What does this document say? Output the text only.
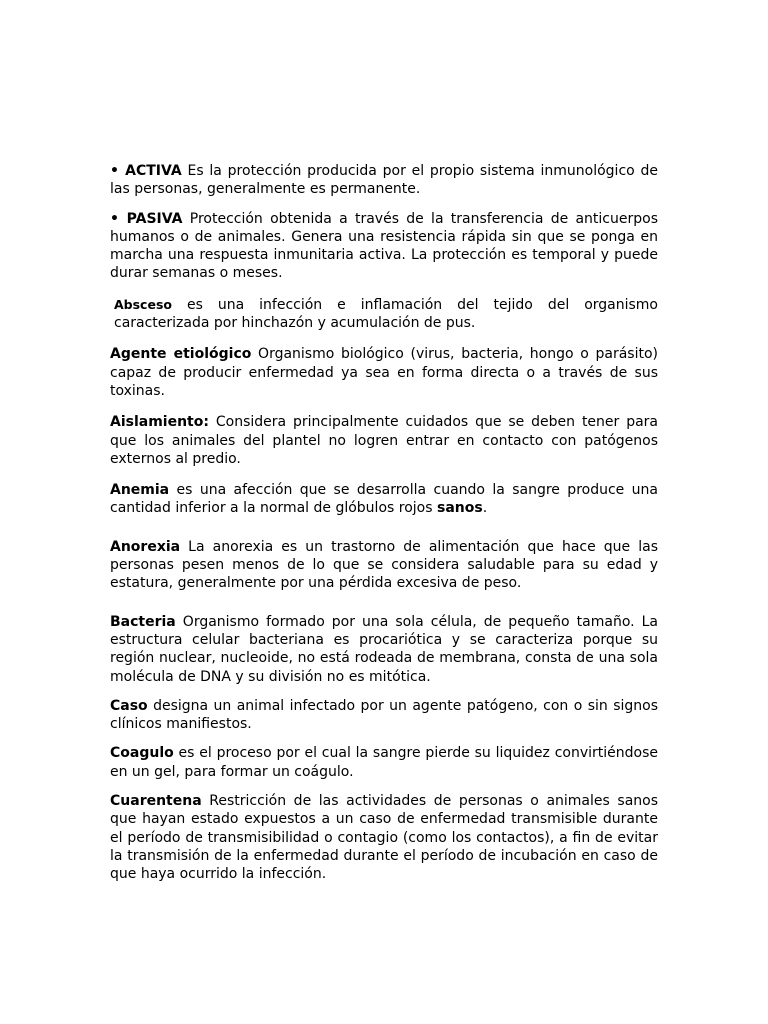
• ACTIVA Es la protección producida por el propio sistema inmunológico de las personas, generalmente es permanente.

• PASIVA Protección obtenida a través de la transferencia de anticuerpos humanos o de animales. Genera una resistencia rápida sin que se ponga en marcha una respuesta inmunitaria activa. La protección es temporal y puede durar semanas o meses.

Absceso es una infección e inflamación del tejido del organismo caracterizada por hinchazón y acumulación de pus.

Agente etiológico Organismo biológico (virus, bacteria, hongo o parásito) capaz de producir enfermedad ya sea en forma directa o a través de sus toxinas.

Aislamiento: Considera principalmente cuidados que se deben tener para que los animales del plantel no logren entrar en contacto con patógenos externos al predio.

Anemia es una afección que se desarrolla cuando la sangre produce una cantidad inferior a la normal de glóbulos rojos sanos.

Anorexia La anorexia es un trastorno de alimentación que hace que las personas pesen menos de lo que se considera saludable para su edad y estatura, generalmente por una pérdida excesiva de peso.

Bacteria Organismo formado por una sola célula, de pequeño tamaño. La estructura celular bacteriana es procariótica y se caracteriza porque su región nuclear, nucleoide, no está rodeada de membrana, consta de una sola molécula de DNA y su división no es mitótica.

Caso designa un animal infectado por un agente patógeno, con o sin signos clínicos manifiestos.

Coagulo es el proceso por el cual la sangre pierde su liquidez convirtiéndose en un gel, para formar un coágulo.

Cuarentena Restricción de las actividades de personas o animales sanos que hayan estado expuestos a un caso de enfermedad transmisible durante el período de transmisibilidad o contagio (como los contactos), a fin de evitar la transmisión de la enfermedad durante el período de incubación en caso de que haya ocurrido la infección.
